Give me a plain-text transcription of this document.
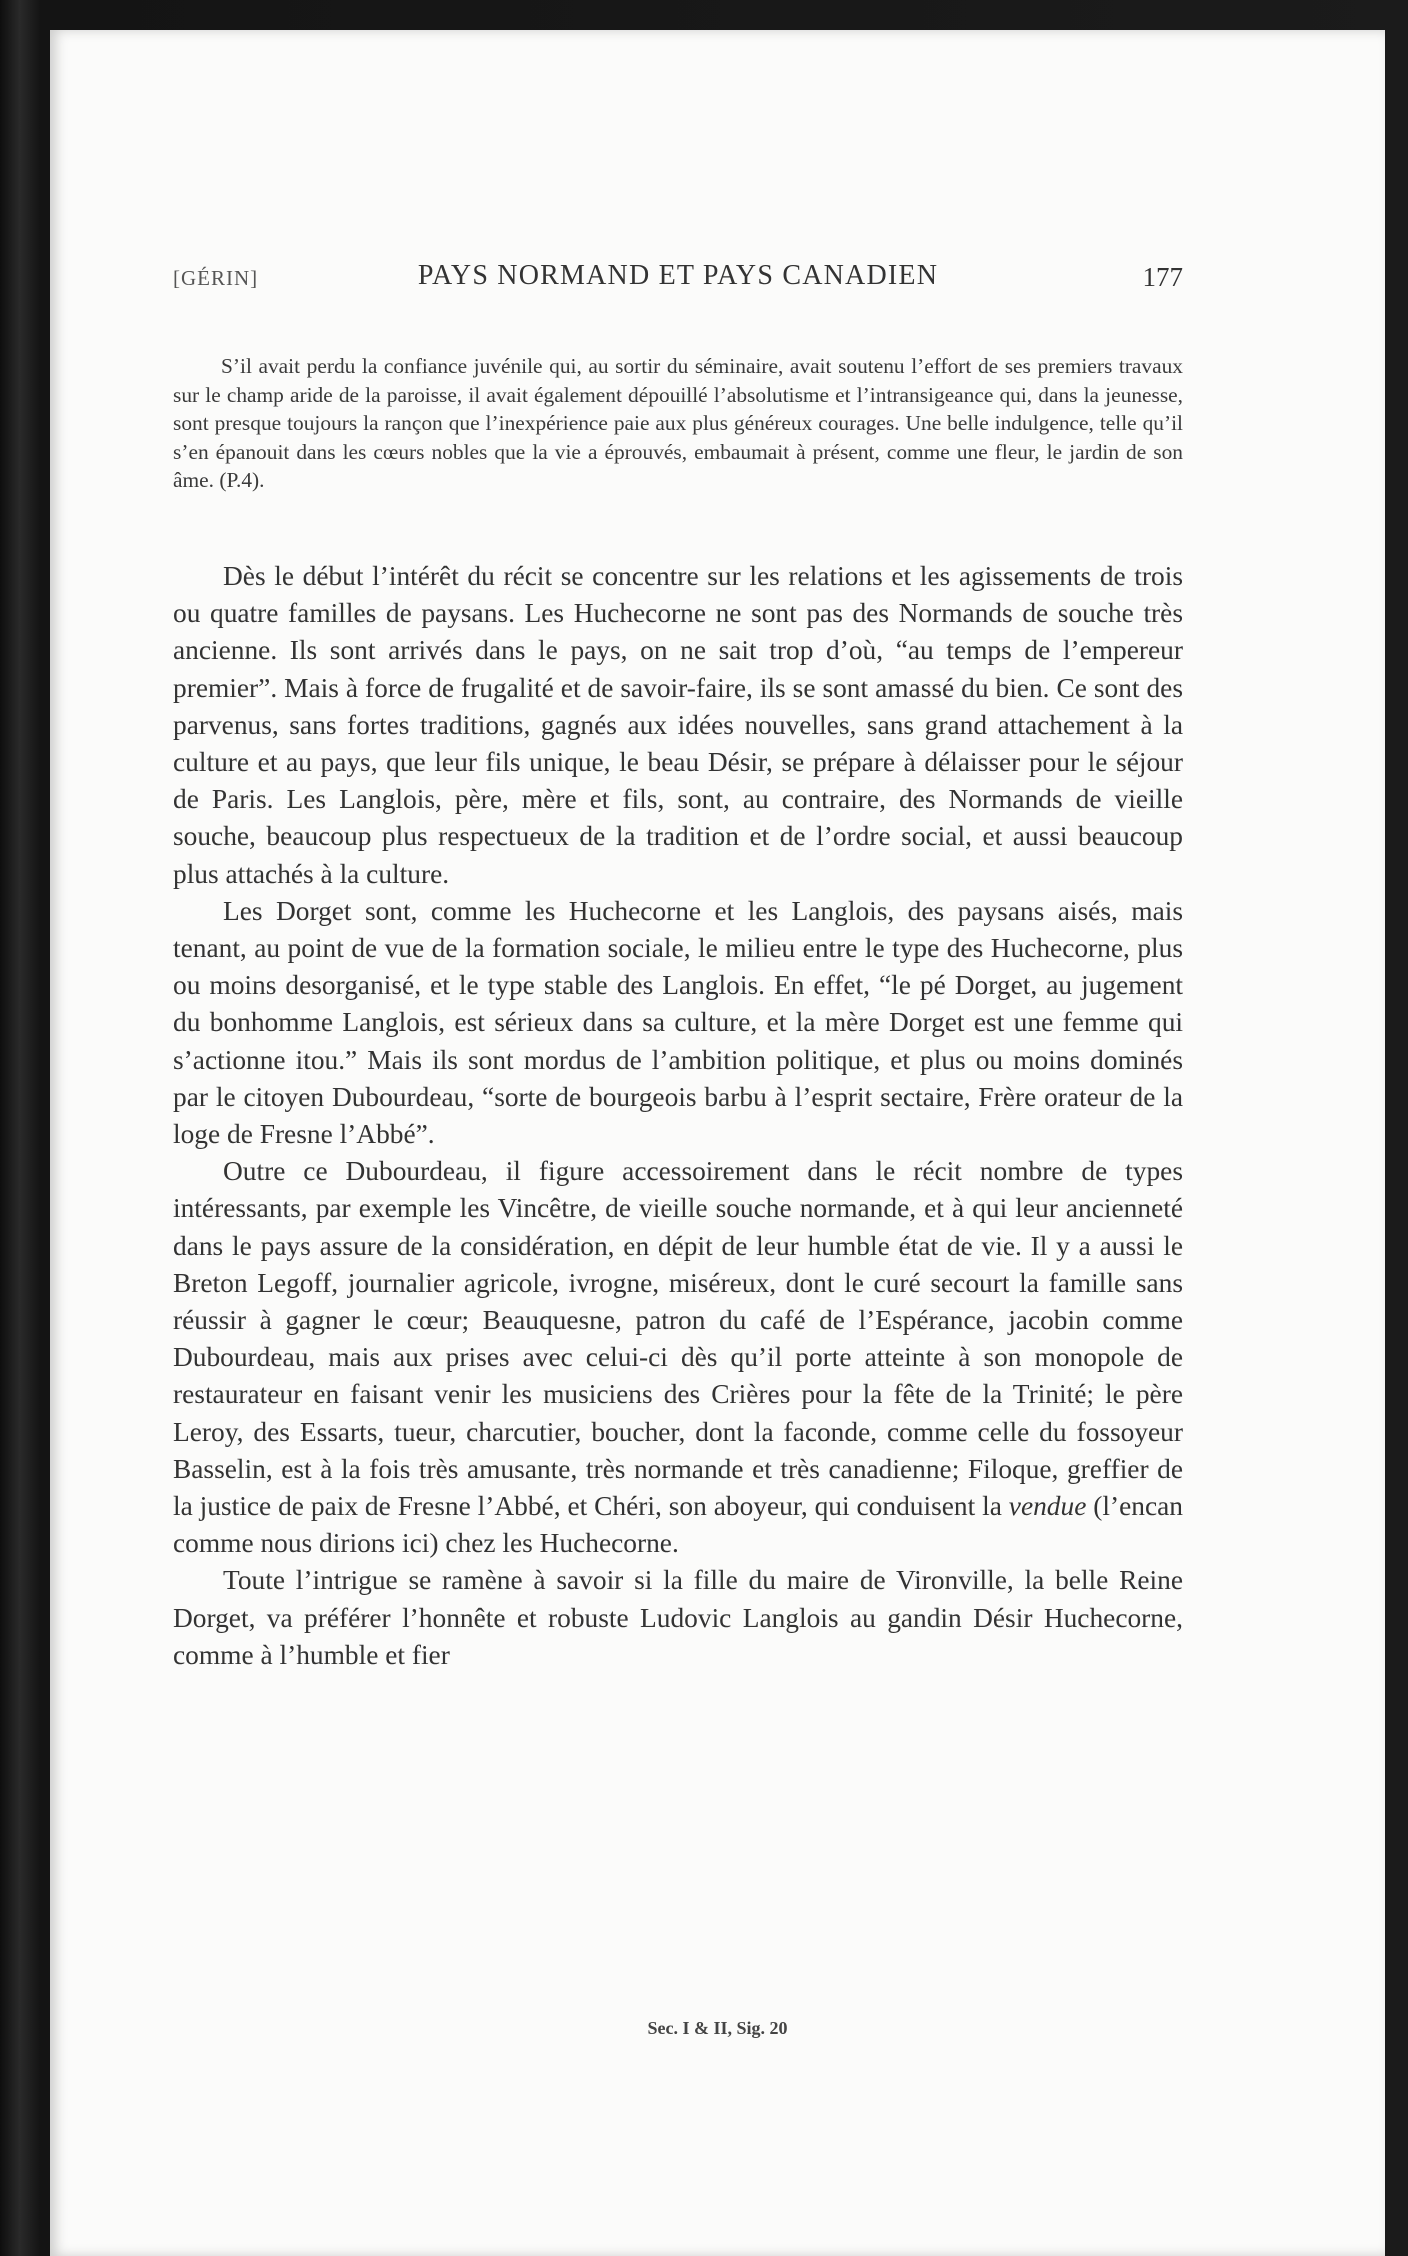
[GÉRIN]	PAYS NORMAND ET PAYS CANADIEN	177

S’il avait perdu la confiance juvénile qui, au sortir du séminaire, avait soutenu l’effort de ses premiers travaux sur le champ aride de la paroisse, il avait également dépouillé l’absolutisme et l’intransigeance qui, dans la jeunesse, sont presque toujours la rançon que l’inexpérience paie aux plus généreux courages. Une belle indulgence, telle qu’il s’en épanouit dans les cœurs nobles que la vie a éprouvés, embaumait à présent, comme une fleur, le jardin de son âme. (P.4).

Dès le début l’intérêt du récit se concentre sur les relations et les agissements de trois ou quatre familles de paysans. Les Huchecorne ne sont pas des Normands de souche très ancienne. Ils sont arrivés dans le pays, on ne sait trop d’où, “au temps de l’empereur premier”. Mais à force de frugalité et de savoir-faire, ils se sont amassé du bien. Ce sont des parvenus, sans fortes traditions, gagnés aux idées nouvelles, sans grand attachement à la culture et au pays, que leur fils unique, le beau Désir, se prépare à délaisser pour le séjour de Paris. Les Langlois, père, mère et fils, sont, au contraire, des Normands de vieille souche, beaucoup plus respectueux de la tradition et de l’ordre social, et aussi beaucoup plus attachés à la culture.

Les Dorget sont, comme les Huchecorne et les Langlois, des paysans aisés, mais tenant, au point de vue de la formation sociale, le milieu entre le type des Huchecorne, plus ou moins desorganisé, et le type stable des Langlois. En effet, “le pé Dorget, au jugement du bonhomme Langlois, est sérieux dans sa culture, et la mère Dorget est une femme qui s’actionne itou.” Mais ils sont mordus de l’ambition politique, et plus ou moins dominés par le citoyen Dubourdeau, “sorte de bourgeois barbu à l’esprit sectaire, Frère orateur de la loge de Fresne l’Abbé”.

Outre ce Dubourdeau, il figure accessoirement dans le récit nombre de types intéressants, par exemple les Vincêtre, de vieille souche normande, et à qui leur ancienneté dans le pays assure de la considération, en dépit de leur humble état de vie. Il y a aussi le Breton Legoff, journalier agricole, ivrogne, miséreux, dont le curé secourt la famille sans réussir à gagner le cœur; Beauquesne, patron du café de l’Espérance, jacobin comme Dubourdeau, mais aux prises avec celui-ci dès qu’il porte atteinte à son monopole de restaurateur en faisant venir les musiciens des Crières pour la fête de la Trinité; le père Leroy, des Essarts, tueur, charcutier, boucher, dont la faconde, comme celle du fossoyeur Basselin, est à la fois très amusante, très normande et très canadienne; Filoque, greffier de la justice de paix de Fresne l’Abbé, et Chéri, son aboyeur, qui conduisent la vendue (l’encan comme nous dirions ici) chez les Huchecorne.

Toute l’intrigue se ramène à savoir si la fille du maire de Vironville, la belle Reine Dorget, va préférer l’honnête et robuste Ludovic Langlois au gandin Désir Huchecorne, comme à l’humble et fier

Sec. I & II, Sig. 20
